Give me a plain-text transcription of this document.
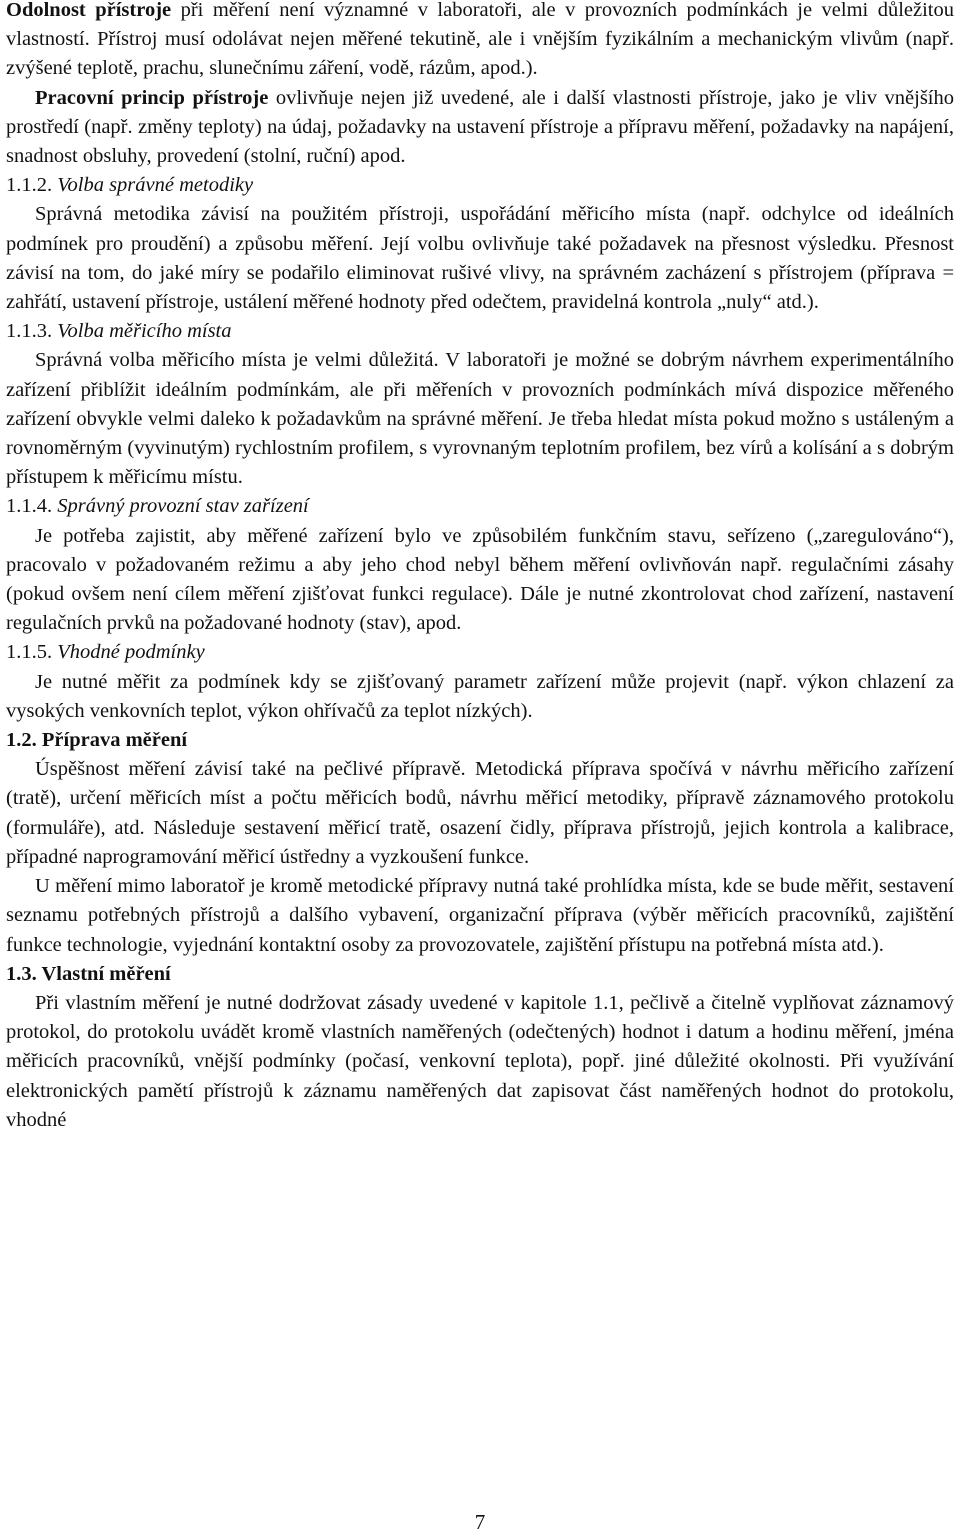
Odolnost přístroje při měření není významné v laboratoři, ale v provozních podmínkách je velmi důležitou vlastností. Přístroj musí odolávat nejen měřené tekutině, ale i vnějším fyzikálním a mechanickým vlivům (např. zvýšené teplotě, prachu, slunečnímu záření, vodě, rázům, apod.).

Pracovní princip přístroje ovlivňuje nejen již uvedené, ale i další vlastnosti přístroje, jako je vliv vnějšího prostředí (např. změny teploty) na údaj, požadavky na ustavení přístroje a přípravu měření, požadavky na napájení, snadnost obsluhy, provedení (stolní, ruční) apod.

1.1.2. Volba správné metodiky

Správná metodika závisí na použitém přístroji, uspořádání měřicího místa (např. odchylce od ideálních podmínek pro proudění) a způsobu měření. Její volbu ovlivňuje také požadavek na přesnost výsledku. Přesnost závisí na tom, do jaké míry se podařilo eliminovat rušivé vlivy, na správném zacházení s přístrojem (příprava = zahřátí, ustavení přístroje, ustálení měřené hodnoty před odečtem, pravidelná kontrola „nuly“ atd.).

1.1.3. Volba měřicího místa

Správná volba měřicího místa je velmi důležitá. V laboratoři je možné se dobrým návrhem experimentálního zařízení přiblížit ideálním podmínkám, ale při měřeních v provozních podmínkách mívá dispozice měřeného zařízení obvykle velmi daleko k požadavkům na správné měření. Je třeba hledat místa pokud možno s ustáleným a rovnoměrným (vyvinutým) rychlostním profilem, s vyrovnaným teplotním profilem, bez vírů a kolísání a s dobrým přístupem k měřicímu místu.

1.1.4. Správný provozní stav zařízení

Je potřeba zajistit, aby měřené zařízení bylo ve způsobilém funkčním stavu, seřízeno („zaregulováno“), pracovalo v požadovaném režimu a aby jeho chod nebyl během měření ovlivňován např. regulačními zásahy (pokud ovšem není cílem měření zjišťovat funkci regulace). Dále je nutné zkontrolovat chod zařízení, nastavení regulačních prvků na požadované hodnoty (stav), apod.

1.1.5. Vhodné podmínky

Je nutné měřit za podmínek kdy se zjišťovaný parametr zařízení může projevit (např. výkon chlazení za vysokých venkovních teplot, výkon ohřívačů za teplot nízkých).

1.2. Příprava měření

Úspěšnost měření závisí také na pečlivé přípravě. Metodická příprava spočívá v návrhu měřicího zařízení (tratě), určení měřicích míst a počtu měřicích bodů, návrhu měřicí metodiky, přípravě záznamového protokolu (formuláře), atd. Následuje sestavení měřicí tratě, osazení čidly, příprava přístrojů, jejich kontrola a kalibrace, případné naprogramování měřicí ústředny a vyzkoušení funkce.

U měření mimo laboratoř je kromě metodické přípravy nutná také prohlídka místa, kde se bude měřit, sestavení seznamu potřebných přístrojů a dalšího vybavení, organizační příprava (výběr měřicích pracovníků, zajištění funkce technologie, vyjednání kontaktní osoby za provozovatele, zajištění přístupu na potřebná místa atd.).

1.3. Vlastní měření

Při vlastním měření je nutné dodržovat zásady uvedené v kapitole 1.1, pečlivě a čitelně vyplňovat záznamový protokol, do protokolu uvádět kromě vlastních naměřených (odečtených) hodnot i datum a hodinu měření, jména měřicích pracovníků, vnější podmínky (počasí, venkovní teplota), popř. jiné důležité okolnosti. Při využívání elektronických pamětí přístrojů k záznamu naměřených dat zapisovat část naměřených hodnot do protokolu, vhodné

7
